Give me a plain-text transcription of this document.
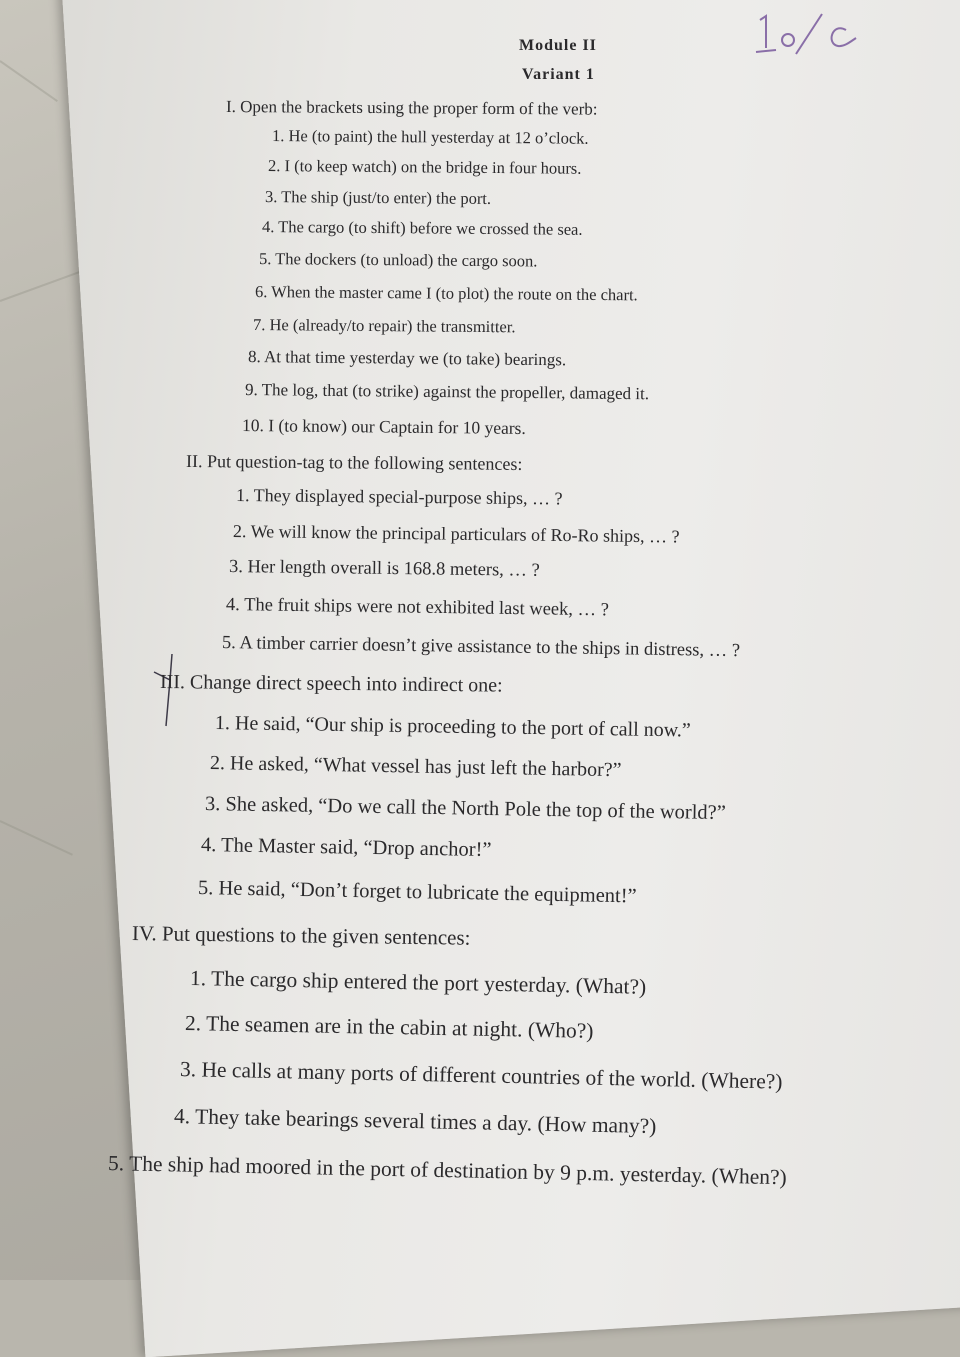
Module II
Variant 1
I. Open the brackets using the proper form of the verb:
1. He (to paint) the hull yesterday at 12 o’clock.
2. I (to keep watch) on the bridge in four hours.
3. The ship (just/to enter) the port.
4. The cargo (to shift) before we crossed the sea.
5. The dockers (to unload) the cargo soon.
6. When the master came I (to plot) the route on the chart.
7. He (already/to repair) the transmitter.
8. At that time yesterday we (to take) bearings.
9. The log, that (to strike) against the propeller, damaged it.
10. I (to know) our Captain for 10 years.
II. Put question-tag to the following sentences:
1. They displayed special-purpose ships, … ?
2. We will know the principal particulars of Ro-Ro ships, … ?
3. Her length overall is 168.8 meters, … ?
4. The fruit ships were not exhibited last week, … ?
5. A timber carrier doesn’t give assistance to the ships in distress, … ?
III. Change direct speech into indirect one:
1. He said, “Our ship is proceeding to the port of call now.”
2. He asked, “What vessel has just left the harbor?”
3. She asked, “Do we call the North Pole the top of the world?”
4. The Master said, “Drop anchor!”
5. He said, “Don’t forget to lubricate the equipment!”
IV. Put questions to the given sentences:
1. The cargo ship entered the port yesterday. (What?)
2. The seamen are in the cabin at night. (Who?)
3. He calls at many ports of different countries of the world. (Where?)
4. They take bearings several times a day. (How many?)
5. The ship had moored in the port of destination by 9 p.m. yesterday. (When?)
